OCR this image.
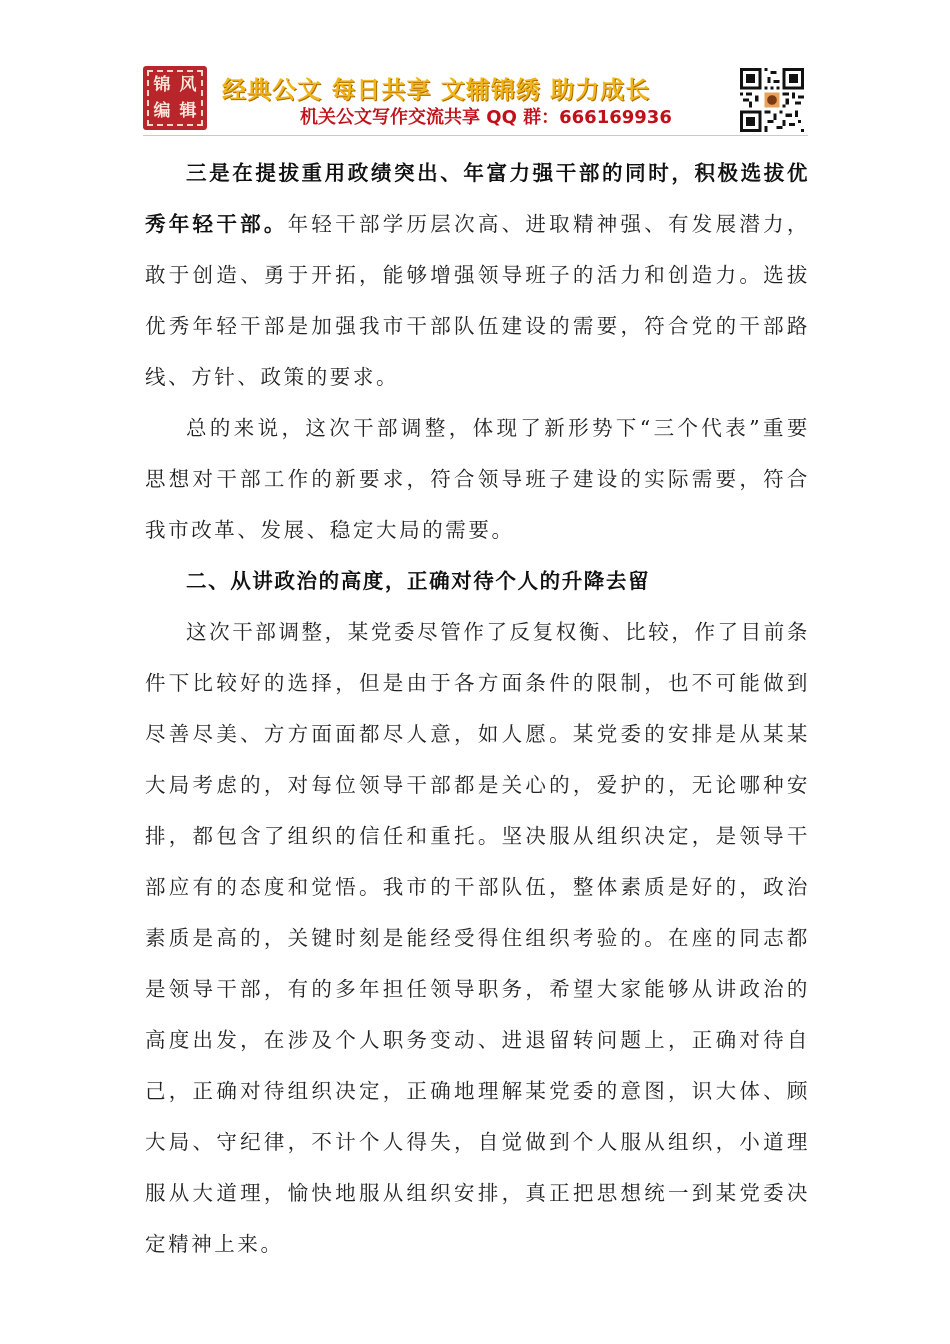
锦 风
编 辑
经典公文 每日共享 文辅锦绣 助力成长
机关公文写作交流共享 QQ 群：666169936

三是在提拔重用政绩突出、年富力强干部的同时，积极选拔优秀年轻干部。年轻干部学历层次高、进取精神强、有发展潜力，敢于创造、勇于开拓，能够增强领导班子的活力和创造力。选拔优秀年轻干部是加强我市干部队伍建设的需要，符合党的干部路线、方针、政策的要求。

总的来说，这次干部调整，体现了新形势下“三个代表”重要思想对干部工作的新要求，符合领导班子建设的实际需要，符合我市改革、发展、稳定大局的需要。

二、从讲政治的高度，正确对待个人的升降去留

这次干部调整，某党委尽管作了反复权衡、比较，作了目前条件下比较好的选择，但是由于各方面条件的限制，也不可能做到尽善尽美、方方面面都尽人意，如人愿。某党委的安排是从某某大局考虑的，对每位领导干部都是关心的，爱护的，无论哪种安排，都包含了组织的信任和重托。坚决服从组织决定，是领导干部应有的态度和觉悟。我市的干部队伍，整体素质是好的，政治素质是高的，关键时刻是能经受得住组织考验的。在座的同志都是领导干部，有的多年担任领导职务，希望大家能够从讲政治的高度出发，在涉及个人职务变动、进退留转问题上，正确对待自己，正确对待组织决定，正确地理解某党委的意图，识大体、顾大局、守纪律，不计个人得失，自觉做到个人服从组织，小道理服从大道理，愉快地服从组织安排，真正把思想统一到某党委决定精神上来。
